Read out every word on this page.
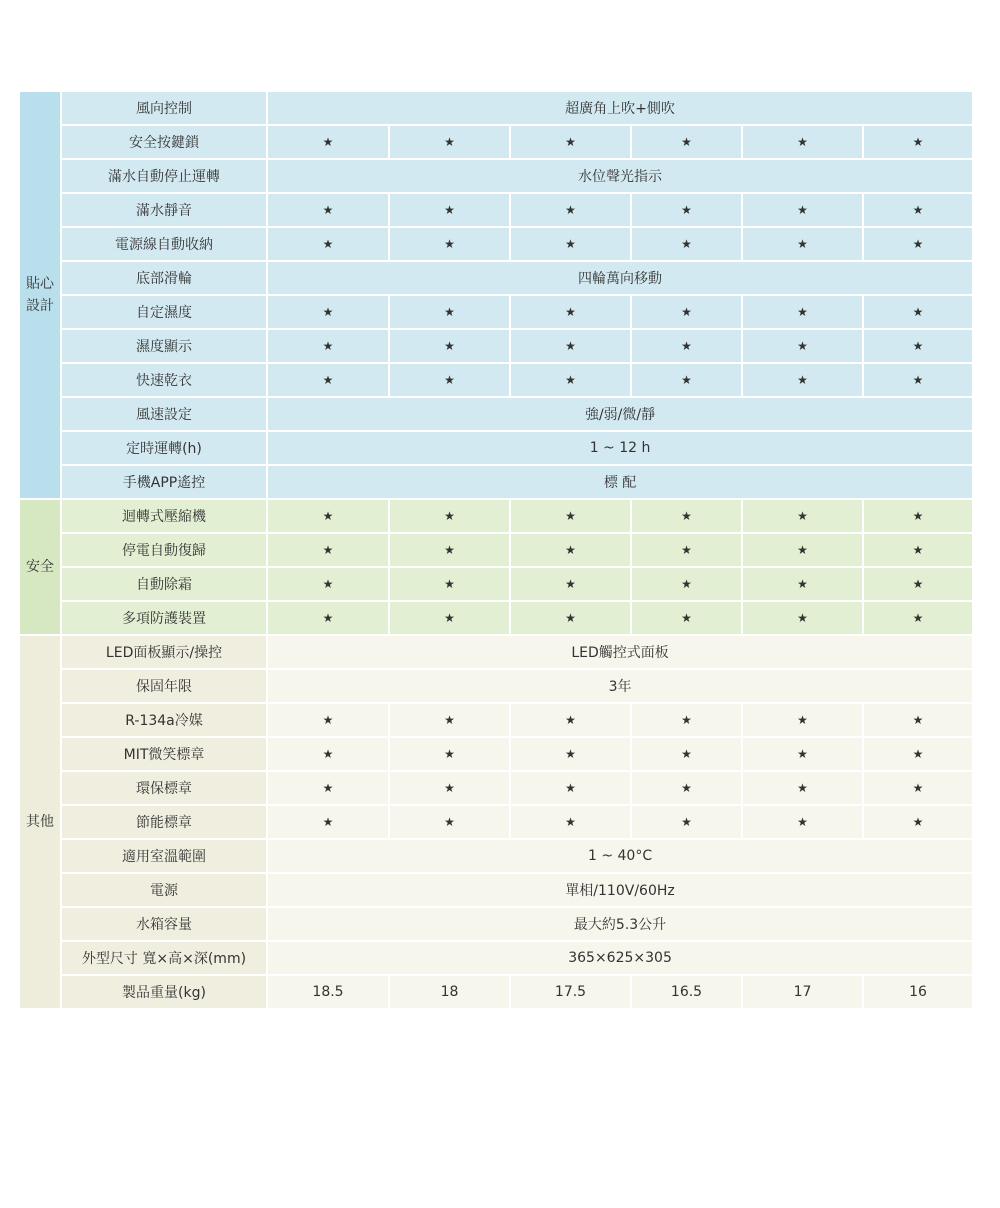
貼心
設計	風向控制	超廣角上吹+側吹					
	安全按鍵鎖	★	★	★	★	★	★
	滿水自動停止運轉	水位聲光指示					
	滿水靜音	★	★	★	★	★	★
	電源線自動收納	★	★	★	★	★	★
	底部滑輪	四輪萬向移動					
	自定濕度	★	★	★	★	★	★
	濕度顯示	★	★	★	★	★	★
	快速乾衣	★	★	★	★	★	★
	風速設定	強/弱/微/靜					
	定時運轉(h)	1 ~ 12 h					
	手機APP遙控	標 配					
安全	迴轉式壓縮機	★	★	★	★	★	★
	停電自動復歸	★	★	★	★	★	★
	自動除霜	★	★	★	★	★	★
	多項防護裝置	★	★	★	★	★	★
其他	LED面板顯示/操控	LED觸控式面板					
	保固年限	3年					
	R-134a冷媒	★	★	★	★	★	★
	MIT微笑標章	★	★	★	★	★	★
	環保標章	★	★	★	★	★	★
	節能標章	★	★	★	★	★	★
	適用室溫範圍	1 ~ 40°C					
	電源	單相/110V/60Hz					
	水箱容量	最大約5.3公升					
	外型尺寸 寬×高×深(mm)	365×625×305					
	製品重量(kg)	18.5	18	17.5	16.5	17	16
